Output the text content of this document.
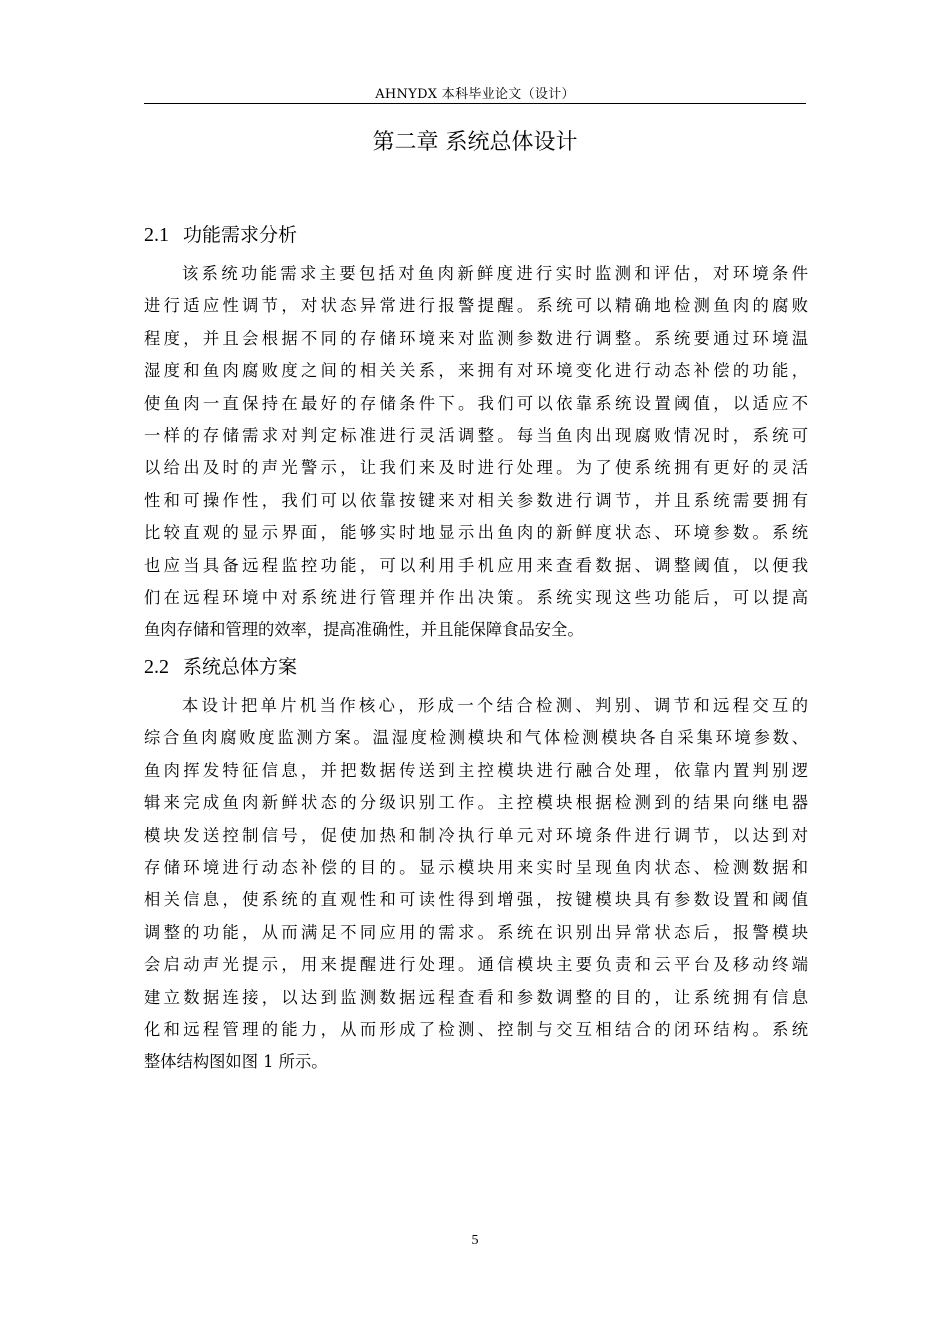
AHNYDX 本科毕业论文（设计）
第二章 系统总体设计
2.1 功能需求分析
该系统功能需求主要包括对鱼肉新鲜度进行实时监测和评估，对环境条件
进行适应性调节，对状态异常进行报警提醒。系统可以精确地检测鱼肉的腐败
程度，并且会根据不同的存储环境来对监测参数进行调整。系统要通过环境温
湿度和鱼肉腐败度之间的相关关系，来拥有对环境变化进行动态补偿的功能，
使鱼肉一直保持在最好的存储条件下。我们可以依靠系统设置阈值，以适应不
一样的存储需求对判定标准进行灵活调整。每当鱼肉出现腐败情况时，系统可
以给出及时的声光警示，让我们来及时进行处理。为了使系统拥有更好的灵活
性和可操作性，我们可以依靠按键来对相关参数进行调节，并且系统需要拥有
比较直观的显示界面，能够实时地显示出鱼肉的新鲜度状态、环境参数。系统
也应当具备远程监控功能，可以利用手机应用来查看数据、调整阈值，以便我
们在远程环境中对系统进行管理并作出决策。系统实现这些功能后，可以提高
鱼肉存储和管理的效率，提高准确性，并且能保障食品安全。
2.2 系统总体方案
本设计把单片机当作核心，形成一个结合检测、判别、调节和远程交互的
综合鱼肉腐败度监测方案。温湿度检测模块和气体检测模块各自采集环境参数、
鱼肉挥发特征信息，并把数据传送到主控模块进行融合处理，依靠内置判别逻
辑来完成鱼肉新鲜状态的分级识别工作。主控模块根据检测到的结果向继电器
模块发送控制信号，促使加热和制冷执行单元对环境条件进行调节，以达到对
存储环境进行动态补偿的目的。显示模块用来实时呈现鱼肉状态、检测数据和
相关信息，使系统的直观性和可读性得到增强，按键模块具有参数设置和阈值
调整的功能，从而满足不同应用的需求。系统在识别出异常状态后，报警模块
会启动声光提示，用来提醒进行处理。通信模块主要负责和云平台及移动终端
建立数据连接，以达到监测数据远程查看和参数调整的目的，让系统拥有信息
化和远程管理的能力，从而形成了检测、控制与交互相结合的闭环结构。系统
整体结构图如图 1 所示。
5
